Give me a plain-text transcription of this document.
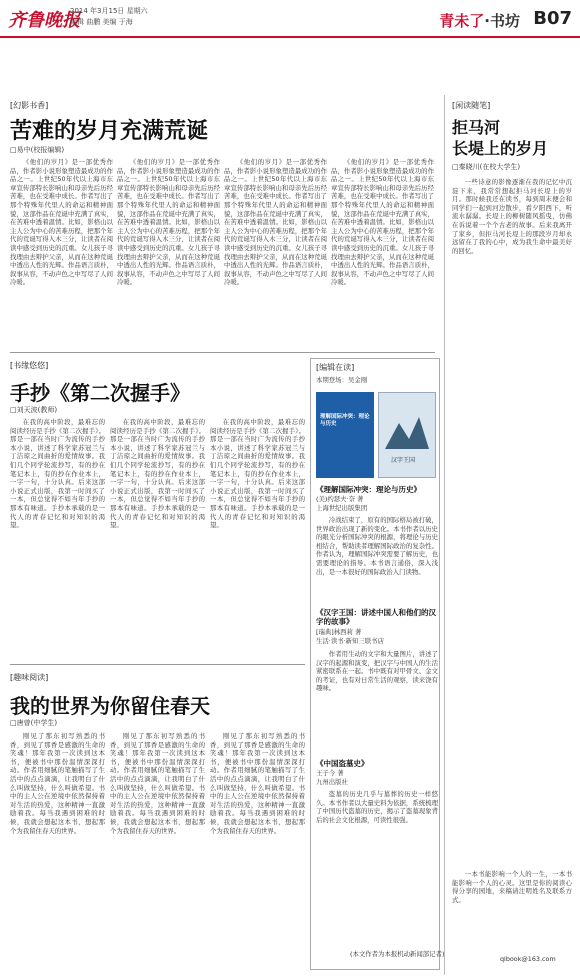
齐鲁晚报
2014 年3月15日 星期六
编辑 曲鹏 美编 于海	青未了·书坊 B07
[幻影书香]
苦难的岁月充满荒诞
□易中(校报编辑)

《他们的岁月》是一部优秀作品，作者影小说形象塑造最成功的作品之一。上世纪50年代以上海市东章宣传部特长影响山和母亲先后历经苦难，也在受难中成长。作者写出了那个特殊年代里人的命运和精神面貌，这部作品在荒诞中充满了真实，在苦难中透着温情。比如，影格山以主人公为中心的苦难历程，把那个年代的荒诞写得入木三分，让读者在阅读中感受到历史的沉重。女儿孩子寻找理由去辩护父亲，从而在这种荒诞中透出人性的光辉。作品语言质朴，叙事从容，不动声色之中写尽了人间冷暖。

《他们的岁月》是一部优秀作品，作者影小说形象塑造最成功的作品之一。上世纪50年代以上海市东章宣传部特长影响山和母亲先后历经苦难，也在受难中成长。作者写出了那个特殊年代里人的命运和精神面貌，这部作品在荒诞中充满了真实，在苦难中透着温情。比如，影格山以主人公为中心的苦难历程，把那个年代的荒诞写得入木三分，让读者在阅读中感受到历史的沉重。女儿孩子寻找理由去辩护父亲，从而在这种荒诞中透出人性的光辉。作品语言质朴，叙事从容，不动声色之中写尽了人间冷暖。

《他们的岁月》是一部优秀作品，作者影小说形象塑造最成功的作品之一。上世纪50年代以上海市东章宣传部特长影响山和母亲先后历经苦难，也在受难中成长。作者写出了那个特殊年代里人的命运和精神面貌，这部作品在荒诞中充满了真实，在苦难中透着温情。比如，影格山以主人公为中心的苦难历程，把那个年代的荒诞写得入木三分，让读者在阅读中感受到历史的沉重。女儿孩子寻找理由去辩护父亲，从而在这种荒诞中透出人性的光辉。作品语言质朴，叙事从容，不动声色之中写尽了人间冷暖。

《他们的岁月》是一部优秀作品，作者影小说形象塑造最成功的作品之一。上世纪50年代以上海市东章宣传部特长影响山和母亲先后历经苦难，也在受难中成长。作者写出了那个特殊年代里人的命运和精神面貌，这部作品在荒诞中充满了真实，在苦难中透着温情。比如，影格山以主人公为中心的苦难历程，把那个年代的荒诞写得入木三分，让读者在阅读中感受到历史的沉重。女儿孩子寻找理由去辩护父亲，从而在这种荒诞中透出人性的光辉。作品语言质朴，叙事从容，不动声色之中写尽了人间冷暖。

[书缘悠悠]
手抄《第二次握手》
□刘天波(教师)

在我的高中阶段，最难忘的阅读经历是手抄《第二次握手》。那是一部在当时广为流传的手抄本小说，讲述了科学家苏冠兰与丁洁琼之间曲折的爱情故事。我们几个同学轮流抄写，有的抄在笔记本上，有的抄在作业本上，一字一句，十分认真。后来这部小说正式出版，我第一时间买了一本，但总觉得不如当年手抄的那本有味道。手抄本承载的是一代人的青春记忆和对知识的渴望。

在我的高中阶段，最难忘的阅读经历是手抄《第二次握手》。那是一部在当时广为流传的手抄本小说，讲述了科学家苏冠兰与丁洁琼之间曲折的爱情故事。我们几个同学轮流抄写，有的抄在笔记本上，有的抄在作业本上，一字一句，十分认真。后来这部小说正式出版，我第一时间买了一本，但总觉得不如当年手抄的那本有味道。手抄本承载的是一代人的青春记忆和对知识的渴望。

在我的高中阶段，最难忘的阅读经历是手抄《第二次握手》。那是一部在当时广为流传的手抄本小说，讲述了科学家苏冠兰与丁洁琼之间曲折的爱情故事。我们几个同学轮流抄写，有的抄在笔记本上，有的抄在作业本上，一字一句，十分认真。后来这部小说正式出版，我第一时间买了一本，但总觉得不如当年手抄的那本有味道。手抄本承载的是一代人的青春记忆和对知识的渴望。

[趣味阅读]
我的世界为你留住春天
□唐曾(中学生)

刚见了那东初写熟悉的书香，到见了那香是感激的生命的笑魂！那年我第一次读到这本书，便被书中那份温情深深打动。作者用细腻的笔触描写了生活中的点点滴滴，让我明白了什么叫做坚持，什么叫做希望。书中的主人公在逆境中依然保持着对生活的热爱，这种精神一直激励着我。每当我遇到困难的时候，我就会想起这本书，想起那个为我留住春天的世界。

刚见了那东初写熟悉的书香，到见了那香是感激的生命的笑魂！那年我第一次读到这本书，便被书中那份温情深深打动。作者用细腻的笔触描写了生活中的点点滴滴，让我明白了什么叫做坚持，什么叫做希望。书中的主人公在逆境中依然保持着对生活的热爱，这种精神一直激励着我。每当我遇到困难的时候，我就会想起这本书，想起那个为我留住春天的世界。

刚见了那东初写熟悉的书香，到见了那香是感激的生命的笑魂！那年我第一次读到这本书，便被书中那份温情深深打动。作者用细腻的笔触描写了生活中的点点滴滴，让我明白了什么叫做坚持，什么叫做希望。书中的主人公在逆境中依然保持着对生活的热爱，这种精神一直激励着我。每当我遇到困难的时候，我就会想起这本书，想起那个为我留住春天的世界。

[编辑在读]
本期登场：吴金刚
理解国际冲突：理论与历史
汉字王国
《理解国际冲突：理论与历史》
(美)约瑟夫·奈 著
上海世纪出版集团

冷战结束了，原有的国际格局被打破，世界政治出现了新的变化。本书作者以历史的眼光分析国际冲突的根源，将理论与历史相结合，帮助读者理解国际政治的复杂性。作者认为，理解国际冲突需要了解历史，也需要理论的指导。本书语言通俗，深入浅出，是一本很好的国际政治入门读物。

《汉字王国：讲述中国人和他们的汉字的故事》
[瑞典]林西莉 著
生活·读书·新知三联书店

作者用生动的文字和大量图片，讲述了汉字的起源和演变，把汉字与中国人的生活紧密联系在一起。书中既有对甲骨文、金文的考证，也有对日常生活的观察，读来饶有趣味。

《中国盗墓史》
王子今 著
九州出版社

盗墓的历史几乎与墓葬的历史一样悠久。本书作者以大量史料为依据，系统梳理了中国历代盗墓的历史，揭示了盗墓现象背后的社会文化根源，可读性很强。

(本文作者为本报机动新闻部记者)
[闲读随笔]
拒马河
长堤上的岁月
□秦晓川(在校大学生)

一些诗意的影像逐渐在我的记忆中沉淀下来，我常常想起拒马河长堤上的岁月。那时候我还在读书，每到周末便会和同学们一起到河边散步，看夕阳西下，听流水潺潺。长堤上的柳树随风摇曳，仿佛在诉说着一个个古老的故事。后来我离开了家乡，但拒马河长堤上的那段岁月却永远留在了我的心中，成为我生命中最美好的回忆。

一本书能影响一个人的一生，一本书能影响一个人的心灵。这里是你的阅读心得分享的园地，来稿请注明姓名及联系方式。

qlbook@163.com
